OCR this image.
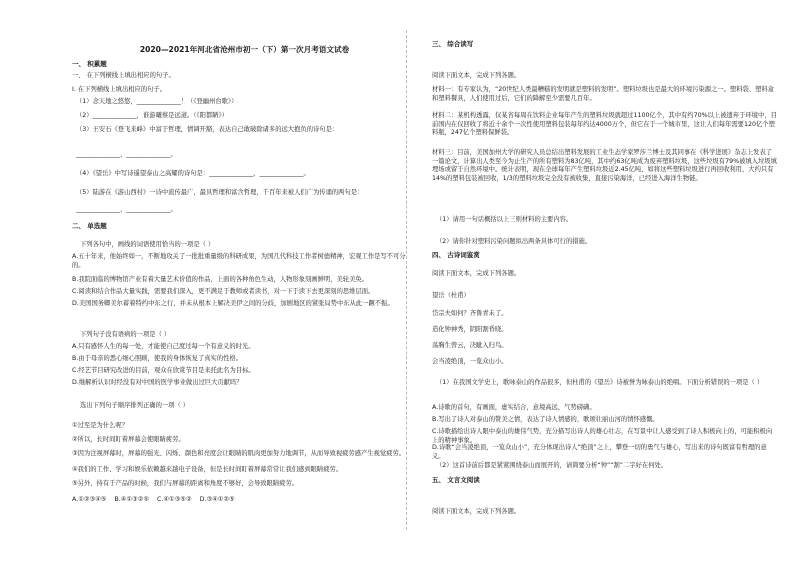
2020—2021年河北省沧州市初一（下）第一次月考语文试卷
一、 积累题
一、 在下列横线上填出相应的句子。
I. 在下列横线上填出相应的句子。
（1）念天地之悠悠，______________！（《登幽州台歌》）
（2）______________，谁游曦蔡是远道。（《阳都陋》）
（3）王安石《登飞来峰》中富于哲理，情调开豁，表达自己敢破除诸多的远大抱负的诗句是：
______________，______________。
（4）《望岳》中写诗遥望泰山之高耀的诗句是：______________，______________。
（5）陆游在《游山西村》一诗中流传最广，最具哲理和富含哲理，千百年来被人们广为传诵的两句是：
______________，______________。
二、 单选题
下列各句中，画线的词语使用恰当的一项是（ ）
A.五十年来，他始终如一，不断地攻关了一批批重量级的科研成果，为国几代科技工作者树德精神，宏观工作是写不可分的。
B.我院面临的博物馆产业有着大量艺术价值的作品，上面的各种角色生动，人物形象刻画鲜明，美轮美奂。
C.阅读和结合作品大量实践，需要我们深入，更不满足于教师或者读书，对一下于读下去更深刻的思维层面。
D.美国国务卿美尔蓄着特约中东之行，并未从根本上解决美伊之间的分歧，加剧地区的紧张局势中东从此一蹶不振。
下列句子没有语病的一项是（ ）
A.只有感怀人生的每一处，才能使自己度过每一个有意义的时光。
B.由于母亲的悉心细心照顾，使我的身体恢复了真实的性格。
C.经艺节目研究改进的目前，观众在欣赏节目是来托此名为目标。
D.继解析认识时经没有对中国的医学事业做出过巨大贡献吗？
选出下列句子顺序排列正确的一项（ ）
①过至是为什么呢？
②所以，长时间盯着屏幕会使眼睛疲劳。
③因为注视屏幕时，屏幕的强光、闪烁、颜色和亮度会让眼睛的肌肉更加努力地调节，从而导致视疲劳感产生视觉疲劳。
④我们的工作、学习和娱乐依赖越来越电子设备，但是长时间盯着屏幕常常让我们感到眼睛疲劳。
⑤另外，持有于产品的时候，我们与屏幕的距离和角度不够好，会导致眼睛疲劳。
A.①②③④⑤ B.④①③②⑤ C.④①③⑤② D.③④①②⑤
三、 综合读写
阅读下面文本，完成下列各题。
材料一：有专家认为，“20世纪人类最糟糕的发明就是塑料的发明”。塑料垃圾也是最大的环境污染源之一。塑料袋、塑料盒和塑料餐具，人们使用过后，它们的降解至少需要几百年。
材料二：某机构透露，仅某省每周在饮料企业每年产生的塑料垃圾就超过1100亿个，其中有约70%以上被遗弃于环境中，目前国内在仅回收了将近十余个一次性使用塑料包装每年约达4000万个，但它在于一个城市里，这让人们每年需要120亿个塑料瓶，247亿个塑料保鲜袋。
材料三：目前，美国加州大学的研究人员总结出塑料发展的工业生态学家罗莎兰博士及其同事在《科学进展》杂志上发表了一篇论文，计算出人类至今为止生产的所有塑料为83亿吨，其中约63亿吨成为废弃塑料垃圾，这些垃圾有79%被填入垃圾填埋场或留于自然环境中。统计表明，现在全球每年产生塑料垃圾近2.45亿吨，如将这些塑料垃圾进行再回收利用，大约只有14%的塑料包装被回收，1/3的塑料垃圾完全没有被收集，直接污染海洋，已经进入海洋生物链。
（1）请用一句话概括以上三则材料的主要内容。
（2）请你针对塑料污染问题拟出两条具体可行的措施。
四、 古诗词鉴赏
阅读下面文本，完成下列各题。
望岳（杜甫）
岱宗夫如何？齐鲁青未了。
造化钟神秀，阴阳割昏晓。
荡胸生曾云，决眦入归鸟。
会当凌绝顶，一览众山小。
（1）在我国文学史上，歌咏泰山的作品很多，但杜甫的《望岳》诗被誉为咏泰山的绝唱。下面分析错误的一项是（ ）
A.诗歌的首句，有画面，虚实结合，意境高远，气势磅礴。
B.写出了诗人对泰山的赞美之情，表达了诗人情感的，歌颂壮丽山河的情怀感慨。
C.诗歌描绘出诗人眼中泰山的雄伟气势，充分描写出诗人的雄心壮志，在写景中让人感受到了诗人积极向上的，可能积极向上的精神事象。
D.诗歌“会当凌绝顶，一览众山小”，充分体现出诗人“绝顶”之上，攀登一切的勇气与雄心，写出来的诗句既富有哲理的意义。
（2）这首诗前后都是紧紧围绕泰山而展开的，请简要分析“钟”“割”二字好在何处。
五、 文言文阅读
阅读下面文本，完成下列各题。
